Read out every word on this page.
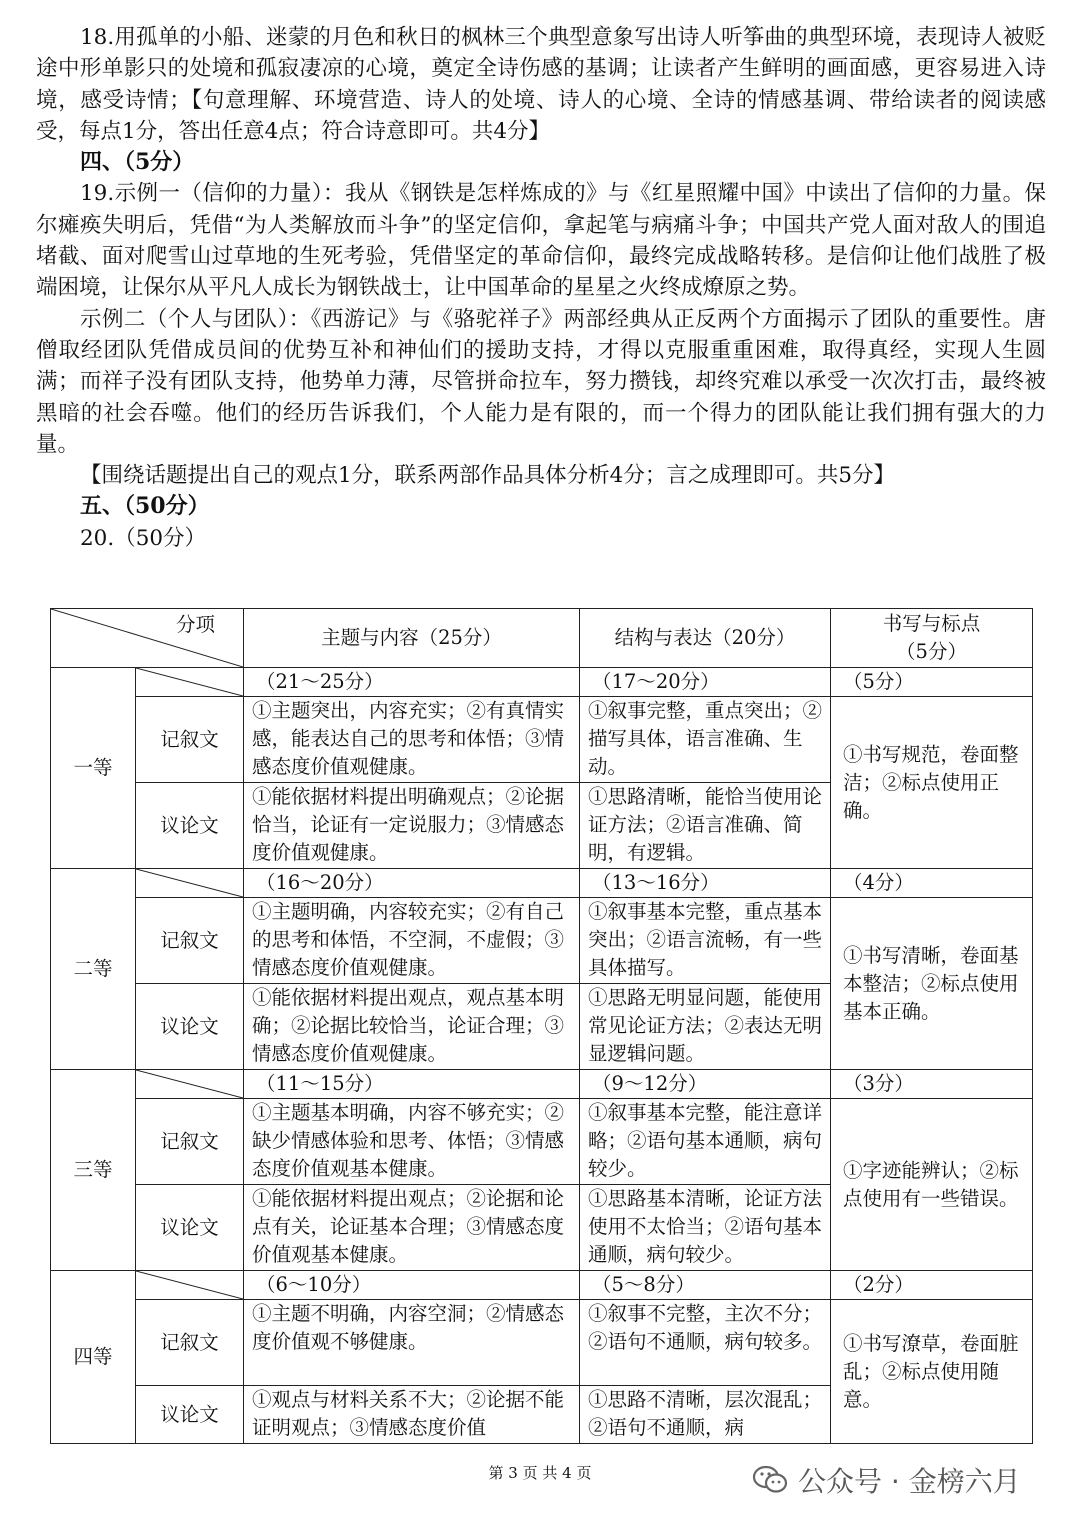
18.用孤单的小船、迷蒙的月色和秋日的枫林三个典型意象写出诗人听筝曲的典型环境，表现诗人被贬途中形单影只的处境和孤寂凄凉的心境，奠定全诗伤感的基调；让读者产生鲜明的画面感，更容易进入诗境，感受诗情；【句意理解、环境营造、诗人的处境、诗人的心境、全诗的情感基调、带给读者的阅读感受，每点1分，答出任意4点；符合诗意即可。共4分】

四、（5分）

19.示例一（信仰的力量）：我从《钢铁是怎样炼成的》与《红星照耀中国》中读出了信仰的力量。保尔瘫痪失明后，凭借“为人类解放而斗争”的坚定信仰，拿起笔与病痛斗争；中国共产党人面对敌人的围追堵截、面对爬雪山过草地的生死考验，凭借坚定的革命信仰，最终完成战略转移。是信仰让他们战胜了极端困境，让保尔从平凡人成长为钢铁战士，让中国革命的星星之火终成燎原之势。

示例二（个人与团队）：《西游记》与《骆驼祥子》两部经典从正反两个方面揭示了团队的重要性。唐僧取经团队凭借成员间的优势互补和神仙们的援助支持，才得以克服重重困难，取得真经，实现人生圆满；而祥子没有团队支持，他势单力薄，尽管拼命拉车，努力攒钱，却终究难以承受一次次打击，最终被黑暗的社会吞噬。他们的经历告诉我们，个人能力是有限的，而一个得力的团队能让我们拥有强大的力量。

【围绕话题提出自己的观点1分，联系两部作品具体分析4分；言之成理即可。共5分】

五、（50分）

20.（50分）

分项		主题与内容（25分）	结构与表达（20分）	书写与标点
（5分）
一等		（21～25分）	（17～20分）	（5分）
	记叙文	①主题突出，内容充实；②有真情实感，能表达自己的思考和体悟；③情感态度价值观健康。	①叙事完整，重点突出；②描写具体，语言准确、生动。	①书写规范，卷面整洁；②标点使用正确。
	议论文	①能依据材料提出明确观点；②论据恰当，论证有一定说服力；③情感态度价值观健康。	①思路清晰，能恰当使用论证方法；②语言准确、简明，有逻辑。	
二等		（16～20分）	（13～16分）	（4分）
	记叙文	①主题明确，内容较充实；②有自己的思考和体悟，不空洞，不虚假；③情感态度价值观健康。	①叙事基本完整，重点基本突出；②语言流畅，有一些具体描写。	①书写清晰，卷面基本整洁；②标点使用基本正确。
	议论文	①能依据材料提出观点，观点基本明确；②论据比较恰当，论证合理；③情感态度价值观健康。	①思路无明显问题，能使用常见论证方法；②表达无明显逻辑问题。	
三等		（11～15分）	（9～12分）	（3分）
	记叙文	①主题基本明确，内容不够充实；②缺少情感体验和思考、体悟；③情感态度价值观基本健康。	①叙事基本完整，能注意详略；②语句基本通顺，病句较少。	①字迹能辨认；②标点使用有一些错误。
	议论文	①能依据材料提出观点；②论据和论点有关，论证基本合理；③情感态度价值观基本健康。	①思路基本清晰，论证方法使用不太恰当；②语句基本通顺，病句较少。	
四等		（6～10分）	（5～8分）	（2分）
	记叙文	①主题不明确，内容空洞；②情感态度价值观不够健康。	①叙事不完整，主次不分；②语句不通顺，病句较多。	①书写潦草，卷面脏乱；②标点使用随意。
	议论文	①观点与材料关系不大；②论据不能证明观点；③情感态度价值	①思路不清晰，层次混乱；②语句不通顺，病	
第 3 页 共 4 页	公众号 · 金榜六月
